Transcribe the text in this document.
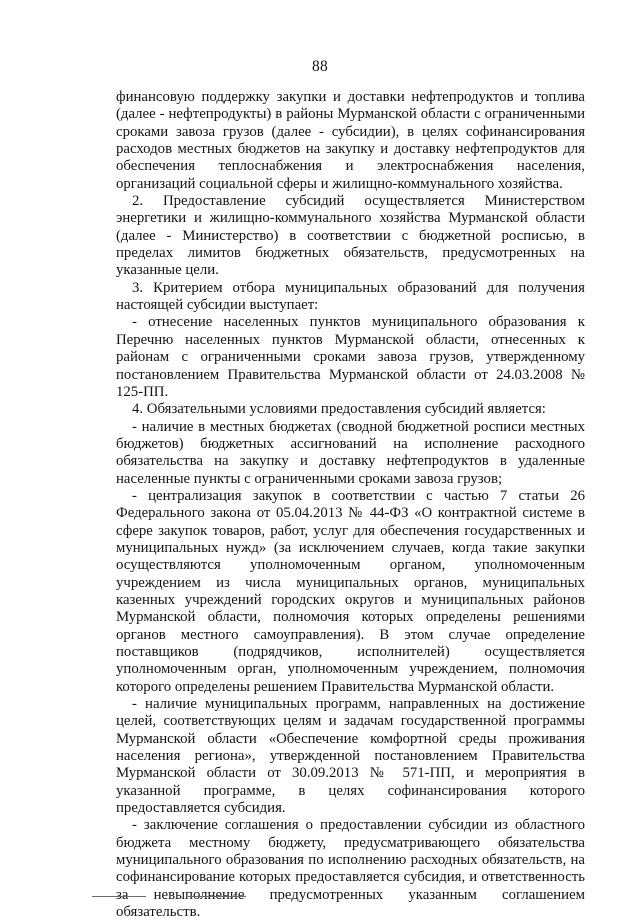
88

финансовую поддержку закупки и доставки нефтепродуктов и топлива (далее - нефтепродукты) в районы Мурманской области с ограниченными сроками завоза грузов (далее - субсидии), в целях софинансирования расходов местных бюджетов на закупку и доставку нефтепродуктов для обеспечения теплоснабжения и электроснабжения населения, организаций социальной сферы и жилищно-коммунального хозяйства.

2. Предоставление субсидий осуществляется Министерством энергетики и жилищно-коммунального хозяйства Мурманской области (далее - Министерство) в соответствии с бюджетной росписью, в пределах лимитов бюджетных обязательств, предусмотренных на указанные цели.

3. Критерием отбора муниципальных образований для получения настоящей субсидии выступает:

- отнесение населенных пунктов муниципального образования к Перечню населенных пунктов Мурманской области, отнесенных к районам с ограниченными сроками завоза грузов, утвержденному постановлением Правительства Мурманской области от 24.03.2008 № 125-ПП.

4. Обязательными условиями предоставления субсидий является:

- наличие в местных бюджетах (сводной бюджетной росписи местных бюджетов) бюджетных ассигнований на исполнение расходного обязательства на закупку и доставку нефтепродуктов в удаленные населенные пункты с ограниченными сроками завоза грузов;

- централизация закупок в соответствии с частью 7 статьи 26 Федерального закона от 05.04.2013 № 44-ФЗ «О контрактной системе в сфере закупок товаров, работ, услуг для обеспечения государственных и муниципальных нужд» (за исключением случаев, когда такие закупки осуществляются уполномоченным органом, уполномоченным учреждением из числа муниципальных органов, муниципальных казенных учреждений городских округов и муниципальных районов Мурманской области, полномочия которых определены решениями органов местного самоуправления). В этом случае определение поставщиков (подрядчиков, исполнителей) осуществляется уполномоченным орган, уполномоченным учреждением, полномочия которого определены решением Правительства Мурманской области.

- наличие муниципальных программ, направленных на достижение целей, соответствующих целям и задачам государственной программы Мурманской области «Обеспечение комфортной среды проживания населения региона», утвержденной постановлением Правительства Мурманской области от 30.09.2013 № 571-ПП, и мероприятия в указанной программе, в целях софинансирования которого предоставляется субсидия.

- заключение соглашения о предоставлении субсидии из областного бюджета местному бюджету, предусматривающего обязательства муниципального образования по исполнению расходных обязательств, на софинансирование которых предоставляется субсидия, и ответственность за невыполнение предусмотренных указанным соглашением обязательств.
